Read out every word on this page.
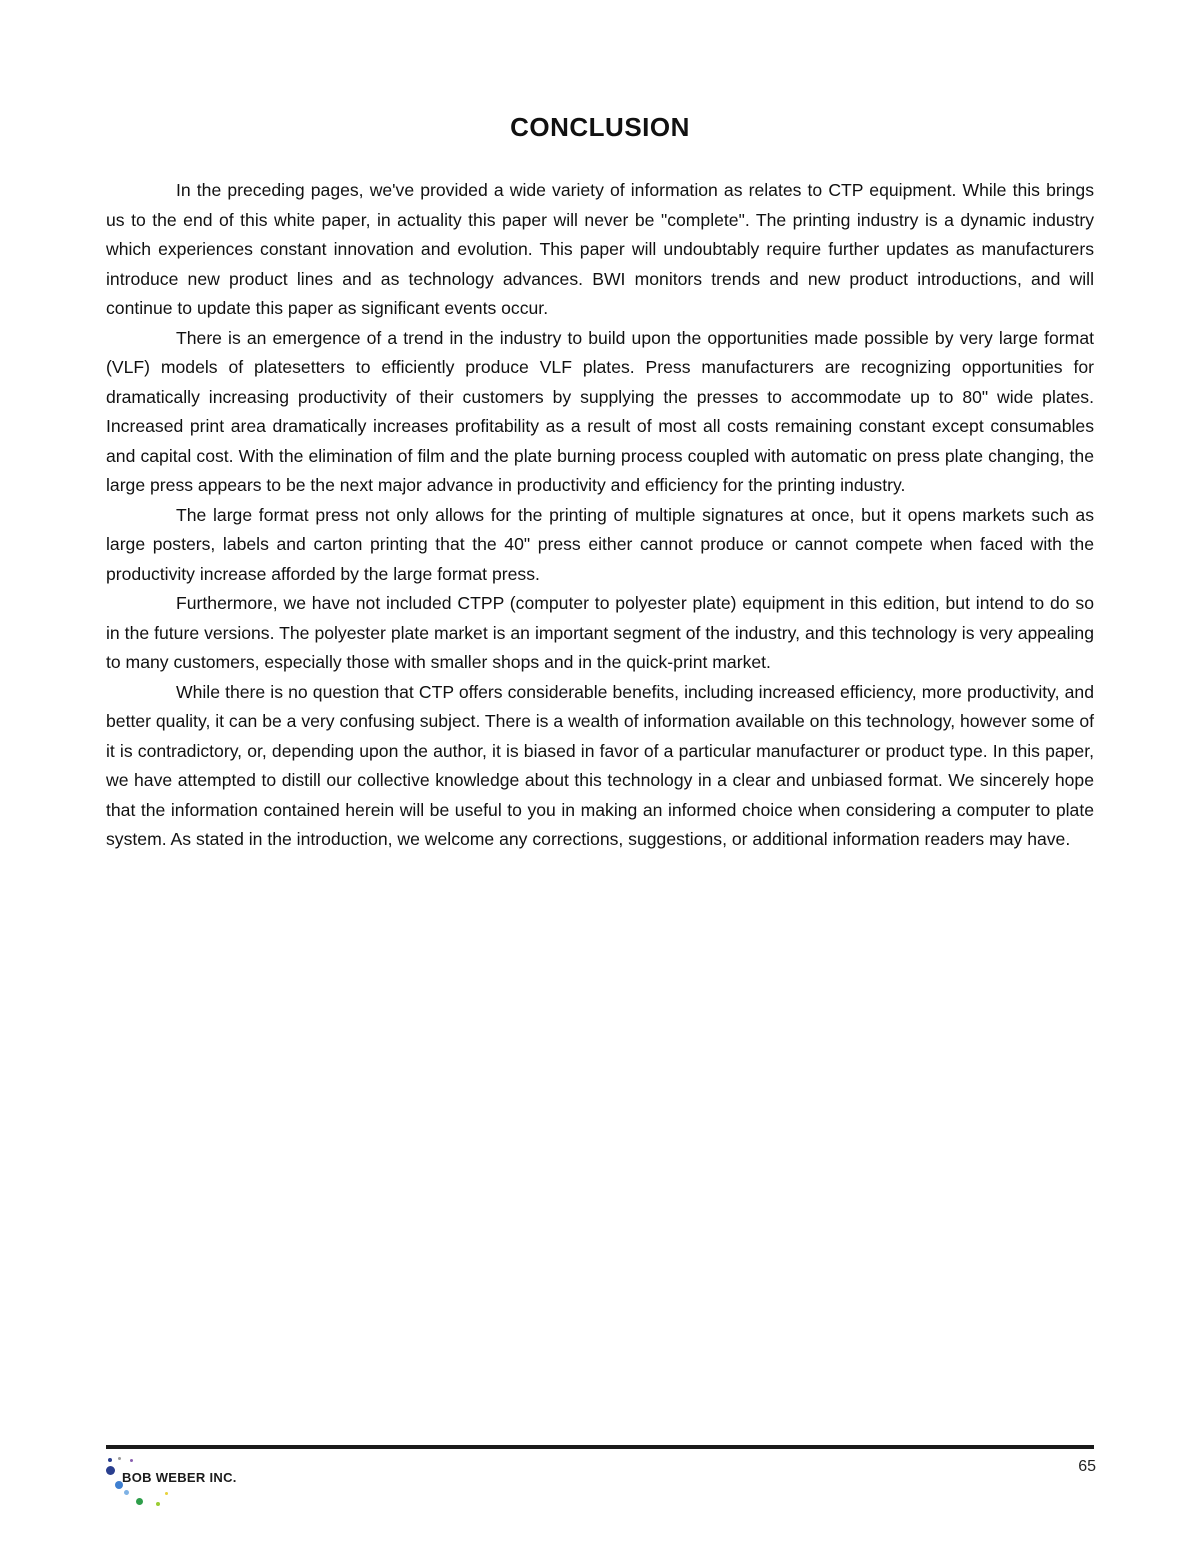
CONCLUSION

In the preceding pages, we've provided a wide variety of information as relates to CTP equipment. While this brings us to the end of this white paper, in actuality this paper will never be "complete". The printing industry is a dynamic industry which experiences constant innovation and evolution. This paper will undoubtably require further updates as manufacturers introduce new product lines and as technology advances. BWI monitors trends and new product introductions, and will continue to update this paper as significant events occur.

There is an emergence of a trend in the industry to build upon the opportunities made possible by very large format (VLF) models of platesetters to efficiently produce VLF plates. Press manufacturers are recognizing opportunities for dramatically increasing productivity of their customers by supplying the presses to accommodate up to 80" wide plates. Increased print area dramatically increases profitability as a result of most all costs remaining constant except consumables and capital cost. With the elimination of film and the plate burning process coupled with automatic on press plate changing, the large press appears to be the next major advance in productivity and efficiency for the printing industry.

The large format press not only allows for the printing of multiple signatures at once, but it opens markets such as large posters, labels and carton printing that the 40" press either cannot produce or cannot compete when faced with the productivity increase afforded by the large format press.

Furthermore, we have not included CTPP (computer to polyester plate) equipment in this edition, but intend to do so in the future versions. The polyester plate market is an important segment of the industry, and this technology is very appealing to many customers, especially those with smaller shops and in the quick-print market.

While there is no question that CTP offers considerable benefits, including increased efficiency, more productivity, and better quality, it can be a very confusing subject. There is a wealth of information available on this technology, however some of it is contradictory, or, depending upon the author, it is biased in favor of a particular manufacturer or product type. In this paper, we have attempted to distill our collective knowledge about this technology in a clear and unbiased format. We sincerely hope that the information contained herein will be useful to you in making an informed choice when considering a computer to plate system. As stated in the introduction, we welcome any corrections, suggestions, or additional information readers may have.

BOB WEBER INC.
65
